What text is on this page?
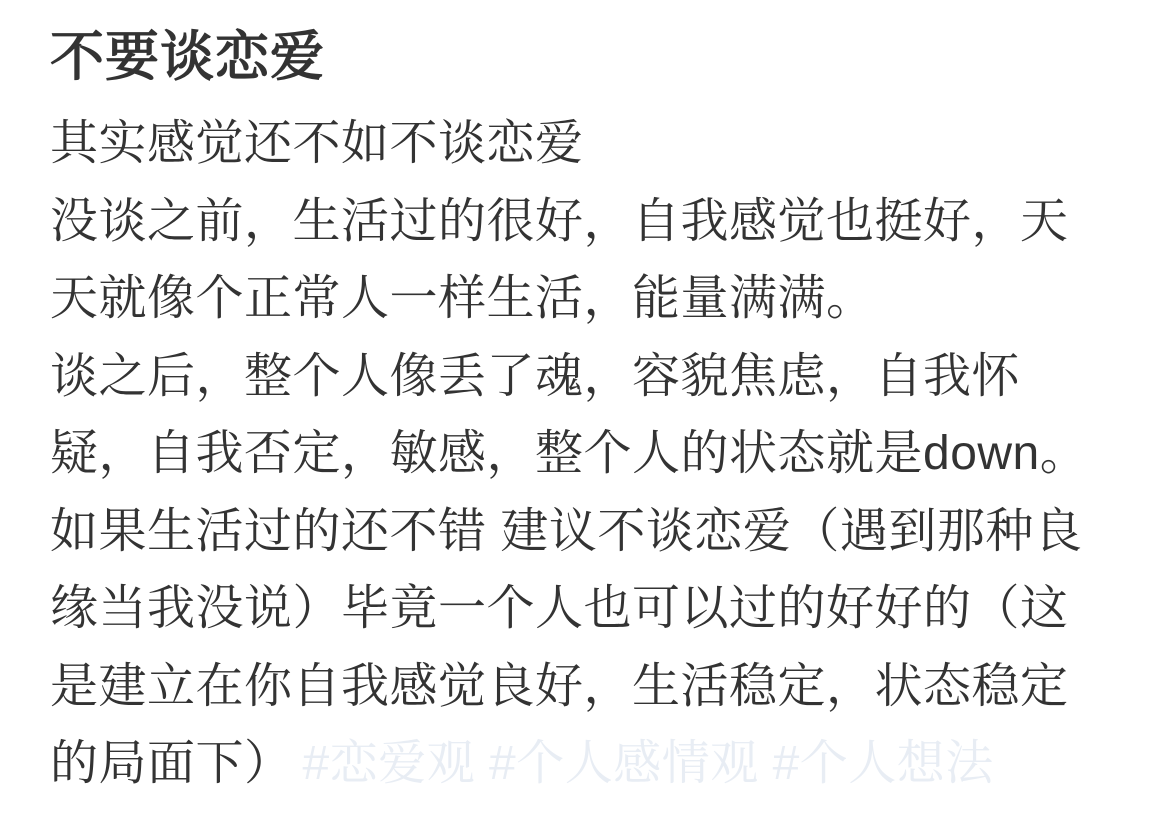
不要谈恋爱
其实感觉还不如不谈恋爱
没谈之前，生活过的很好，自我感觉也挺好，天
天就像个正常人一样生活，能量满满。
谈之后，整个人像丢了魂，容貌焦虑，自我怀
疑，自我否定，敏感，整个人的状态就是down。
如果生活过的还不错 建议不谈恋爱（遇到那种良
缘当我没说）毕竟一个人也可以过的好好的（这
是建立在你自我感觉良好，生活稳定，状态稳定
的局面下） #恋爱观 #个人感情观 #个人想法
